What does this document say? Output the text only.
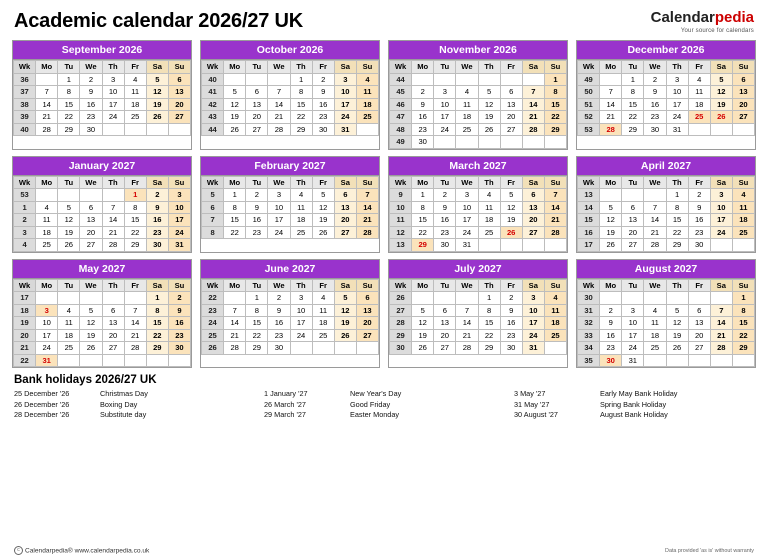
Academic calendar 2026/27 UK	Calendarpedia
Your source for calendars
September 2026
Wk	Mo	Tu	We	Th	Fr	Sa	Su
36		1	2	3	4	5	6
37	7	8	9	10	11	12	13
38	14	15	16	17	18	19	20
39	21	22	23	24	25	26	27
40	28	29	30				
October 2026
Wk	Mo	Tu	We	Th	Fr	Sa	Su
40				1	2	3	4
41	5	6	7	8	9	10	11
42	12	13	14	15	16	17	18
43	19	20	21	22	23	24	25
44	26	27	28	29	30	31	
November 2026
Wk	Mo	Tu	We	Th	Fr	Sa	Su
44							1
45	2	3	4	5	6	7	8
46	9	10	11	12	13	14	15
47	16	17	18	19	20	21	22
48	23	24	25	26	27	28	29
49	30						
December 2026
Wk	Mo	Tu	We	Th	Fr	Sa	Su
49		1	2	3	4	5	6
50	7	8	9	10	11	12	13
51	14	15	16	17	18	19	20
52	21	22	23	24	25	26	27
53	28	29	30	31			
January 2027
Wk	Mo	Tu	We	Th	Fr	Sa	Su
53					1	2	3
1	4	5	6	7	8	9	10
2	11	12	13	14	15	16	17
3	18	19	20	21	22	23	24
4	25	26	27	28	29	30	31
February 2027
Wk	Mo	Tu	We	Th	Fr	Sa	Su
5	1	2	3	4	5	6	7
6	8	9	10	11	12	13	14
7	15	16	17	18	19	20	21
8	22	23	24	25	26	27	28
March 2027
Wk	Mo	Tu	We	Th	Fr	Sa	Su
9	1	2	3	4	5	6	7
10	8	9	10	11	12	13	14
11	15	16	17	18	19	20	21
12	22	23	24	25	26	27	28
13	29	30	31				
April 2027
Wk	Mo	Tu	We	Th	Fr	Sa	Su
13				1	2	3	4
14	5	6	7	8	9	10	11
15	12	13	14	15	16	17	18
16	19	20	21	22	23	24	25
17	26	27	28	29	30		
May 2027
Wk	Mo	Tu	We	Th	Fr	Sa	Su
17						1	2
18	3	4	5	6	7	8	9
19	10	11	12	13	14	15	16
20	17	18	19	20	21	22	23
21	24	25	26	27	28	29	30
22	31						
June 2027
Wk	Mo	Tu	We	Th	Fr	Sa	Su
22		1	2	3	4	5	6
23	7	8	9	10	11	12	13
24	14	15	16	17	18	19	20
25	21	22	23	24	25	26	27
26	28	29	30				
July 2027
Wk	Mo	Tu	We	Th	Fr	Sa	Su
26				1	2	3	4
27	5	6	7	8	9	10	11
28	12	13	14	15	16	17	18
29	19	20	21	22	23	24	25
30	26	27	28	29	30	31	
August 2027
Wk	Mo	Tu	We	Th	Fr	Sa	Su
30							1
31	2	3	4	5	6	7	8
32	9	10	11	12	13	14	15
33	16	17	18	19	20	21	22
34	23	24	25	26	27	28	29
35	30	31					
Bank holidays 2026/27 UK
25 December '26	Christmas Day
26 December '26	Boxing Day
28 December '26	Substitute day
1 January '27	New Year's Day
26 March '27	Good Friday
29 March '27	Easter Monday
3 May '27	Early May Bank Holiday
31 May '27	Spring Bank Holiday
30 August '27	August Bank Holiday
c Calendarpedia® www.calendarpedia.co.uk	Data provided 'as is' without warranty
